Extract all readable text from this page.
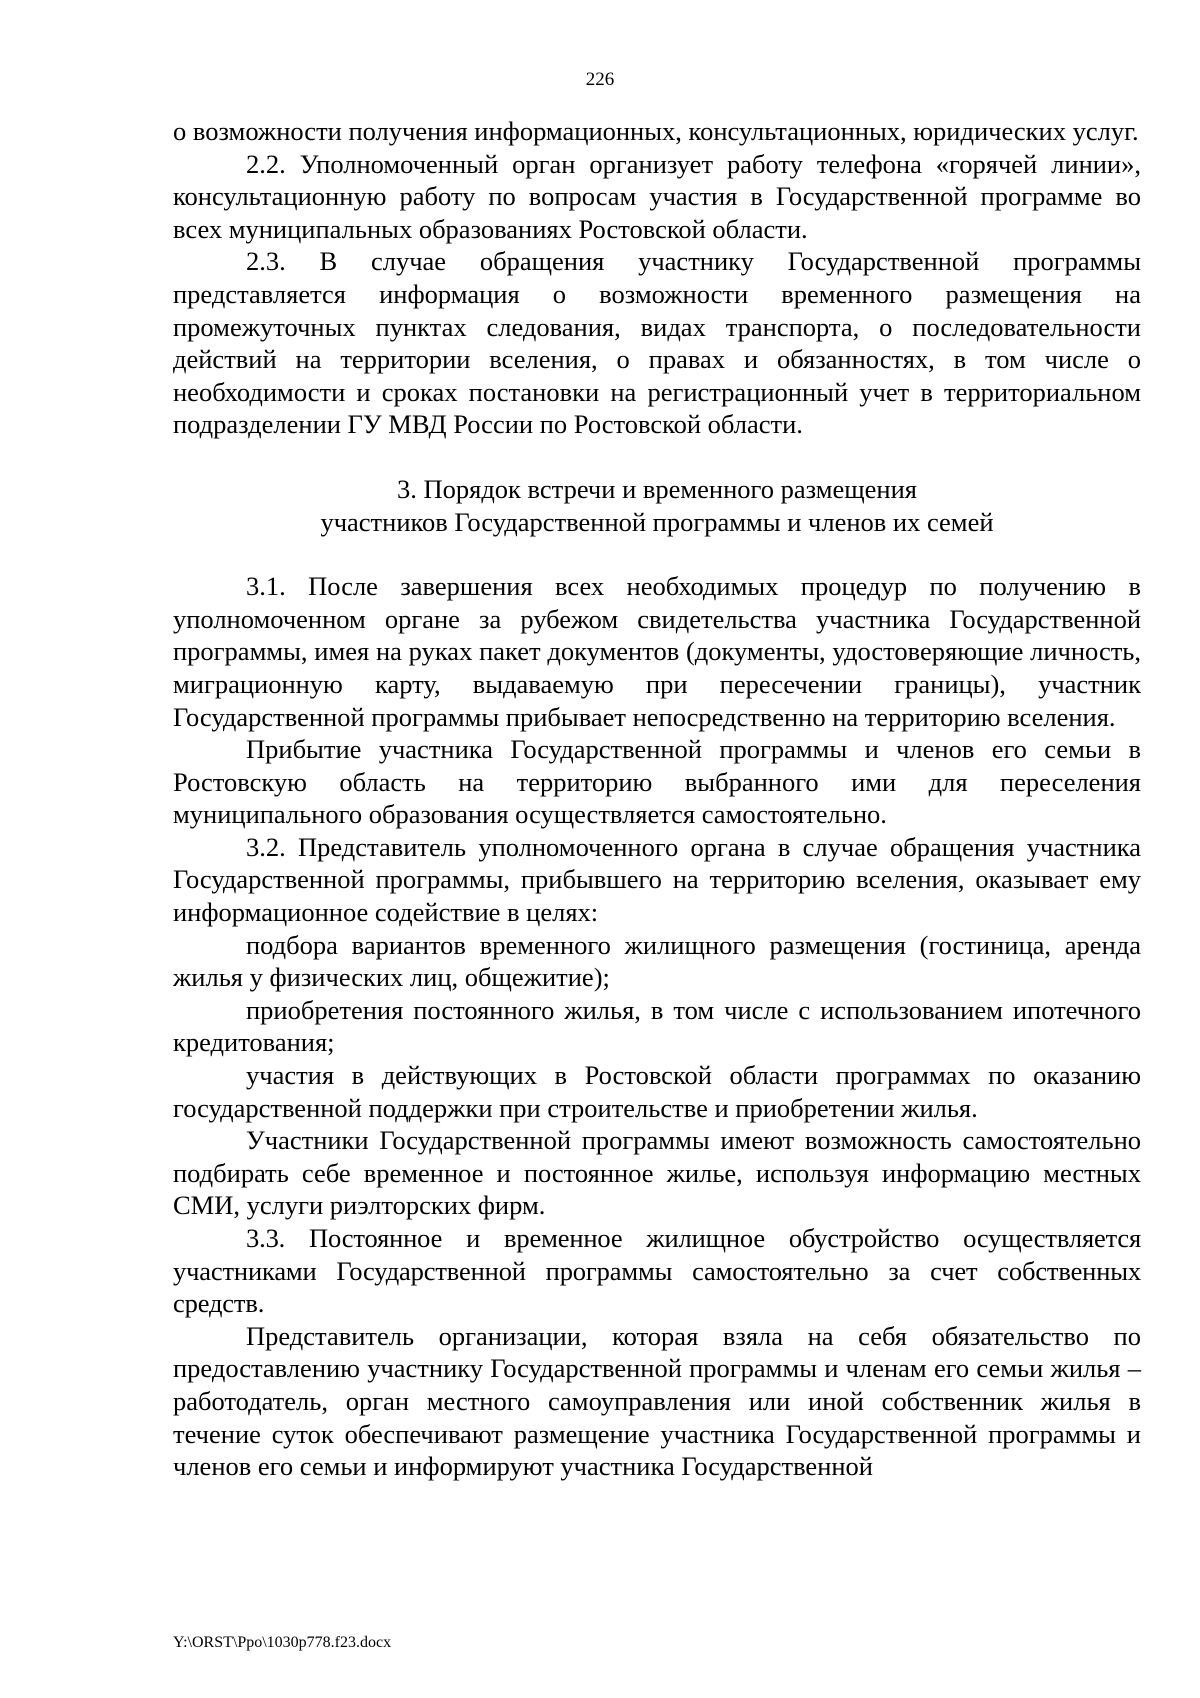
226

о возможности получения информационных, консультационных, юридических услуг.

2.2. Уполномоченный орган организует работу телефона «горячей линии», консультационную работу по вопросам участия в Государственной программе во всех муниципальных образованиях Ростовской области.

2.3. В случае обращения участнику Государственной программы представляется информация о возможности временного размещения на промежуточных пунктах следования, видах транспорта, о последовательности действий на территории вселения, о правах и обязанностях, в том числе о необходимости и сроках постановки на регистрационный учет в территориальном подразделении ГУ МВД России по Ростовской области.

3. Порядок встречи и временного размещения

участников Государственной программы и членов их семей

3.1. После завершения всех необходимых процедур по получению в уполномоченном органе за рубежом свидетельства участника Государственной программы, имея на руках пакет документов (документы, удостоверяющие личность, миграционную карту, выдаваемую при пересечении границы), участник Государственной программы прибывает непосредственно на территорию вселения.

Прибытие участника Государственной программы и членов его семьи в Ростовскую область на территорию выбранного ими для переселения муниципального образования осуществляется самостоятельно.

3.2. Представитель уполномоченного органа в случае обращения участника Государственной программы, прибывшего на территорию вселения, оказывает ему информационное содействие в целях:

подбора вариантов временного жилищного размещения (гостиница, аренда жилья у физических лиц, общежитие);

приобретения постоянного жилья, в том числе с использованием ипотечного кредитования;

участия в действующих в Ростовской области программах по оказанию государственной поддержки при строительстве и приобретении жилья.

Участники Государственной программы имеют возможность самостоятельно подбирать себе временное и постоянное жилье, используя информацию местных СМИ, услуги риэлторских фирм.

3.3. Постоянное и временное жилищное обустройство осуществляется участниками Государственной программы самостоятельно за счет собственных средств.

Представитель организации, которая взяла на себя обязательство по предоставлению участнику Государственной программы и членам его семьи жилья – работодатель, орган местного самоуправления или иной собственник жилья в течение суток обеспечивают размещение участника Государственной программы и членов его семьи и информируют участника Государственной

Y:\ORST\Ppo\1030p778.f23.docx
